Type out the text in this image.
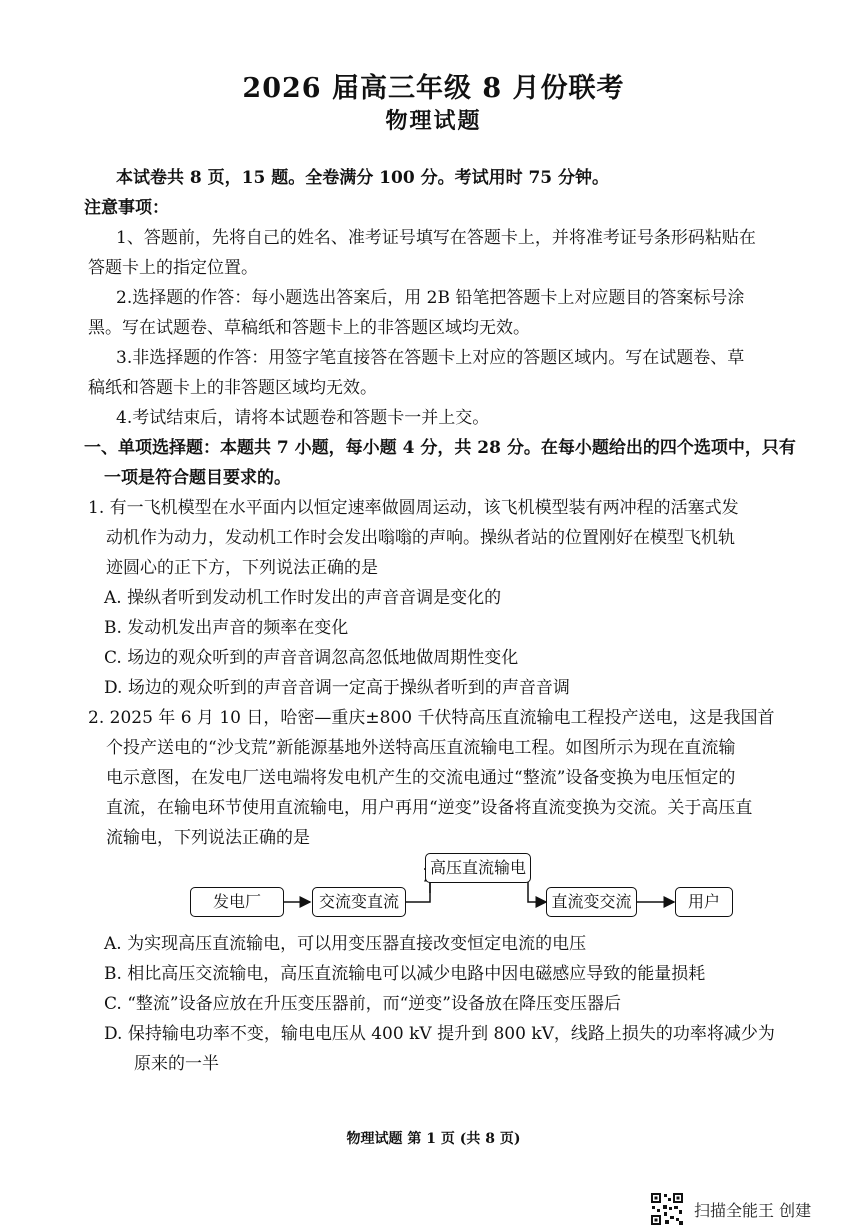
2026 届高三年级 8 月份联考
物理试题
本试卷共 8 页，15 题。全卷满分 100 分。考试用时 75 分钟。
注意事项：
1、答题前，先将自己的姓名、准考证号填写在答题卡上，并将准考证号条形码粘贴在
答题卡上的指定位置。
2.选择题的作答：每小题选出答案后，用 2B 铅笔把答题卡上对应题目的答案标号涂
黑。写在试题卷、草稿纸和答题卡上的非答题区域均无效。
3.非选择题的作答：用签字笔直接答在答题卡上对应的答题区域内。写在试题卷、草
稿纸和答题卡上的非答题区域均无效。
4.考试结束后，请将本试题卷和答题卡一并上交。
一、单项选择题：本题共 7 小题，每小题 4 分，共 28 分。在每小题给出的四个选项中，只有
一项是符合题目要求的。
1. 有一飞机模型在水平面内以恒定速率做圆周运动，该飞机模型装有两冲程的活塞式发
动机作为动力，发动机工作时会发出嗡嗡的声响。操纵者站的位置刚好在模型飞机轨
迹圆心的正下方，下列说法正确的是
A. 操纵者听到发动机工作时发出的声音音调是变化的
B. 发动机发出声音的频率在变化
C. 场边的观众听到的声音音调忽高忽低地做周期性变化
D. 场边的观众听到的声音音调一定高于操纵者听到的声音音调
2. 2025 年 6 月 10 日，哈密—重庆±800 千伏特高压直流输电工程投产送电，这是我国首
个投产送电的“沙戈荒”新能源基地外送特高压直流输电工程。如图所示为现在直流输
电示意图，在发电厂送电端将发电机产生的交流电通过“整流”设备变换为电压恒定的
直流，在输电环节使用直流输电，用户再用“逆变”设备将直流变换为交流。关于高压直
流输电，下列说法正确的是
发电厂	交流变直流
高压直流输电
直流变交流	用户
A. 为实现高压直流输电，可以用变压器直接改变恒定电流的电压
B. 相比高压交流输电，高压直流输电可以减少电路中因电磁感应导致的能量损耗
C. “整流”设备应放在升压变压器前，而“逆变”设备放在降压变压器后
D. 保持输电功率不变，输电电压从 400 kV 提升到 800 kV，线路上损失的功率将减少为
原来的一半
物理试题 第 1 页 (共 8 页)
扫描全能王 创建
